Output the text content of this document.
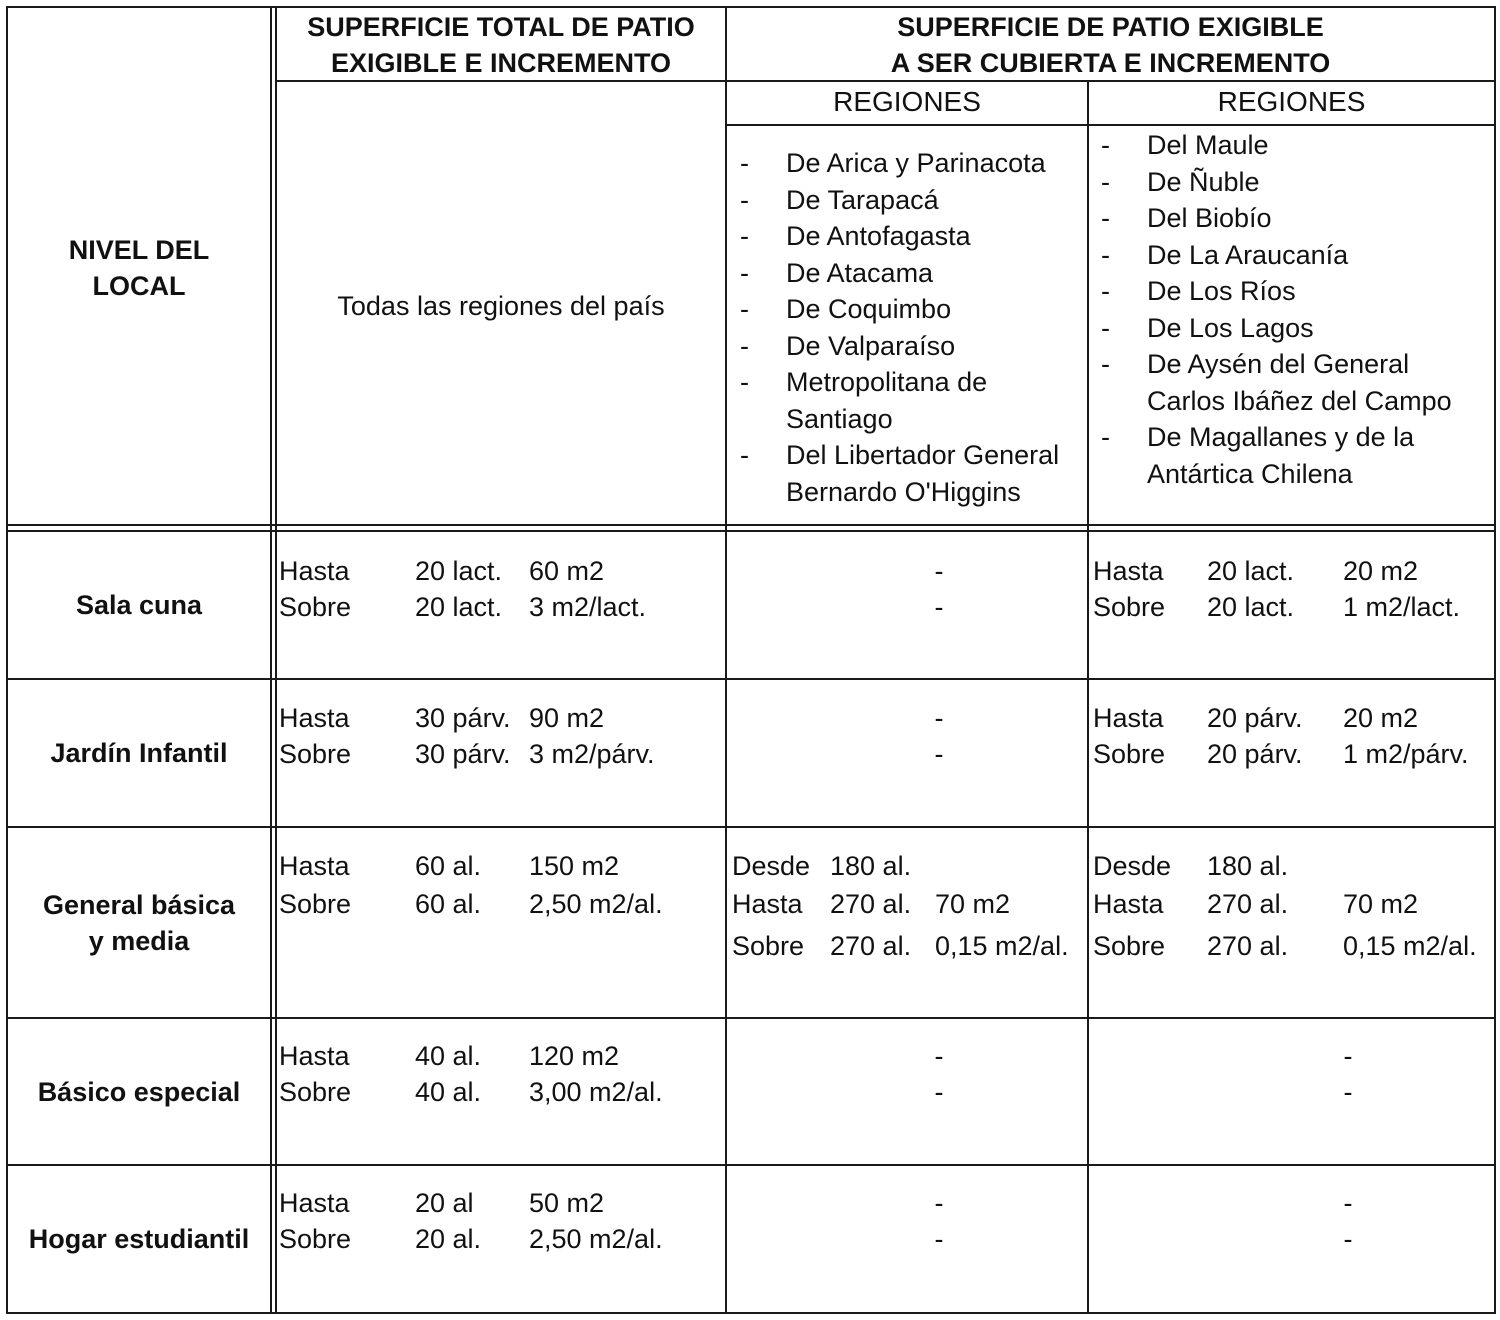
NIVEL DEL
LOCAL
SUPERFICIE TOTAL DE PATIO
EXIGIBLE E INCREMENTO
SUPERFICIE DE PATIO EXIGIBLE
A SER CUBIERTA E INCREMENTO
REGIONES	REGIONES
Todas las regiones del país
- De Arica y Parinacota
- De Tarapacá
- De Antofagasta
- De Atacama
- De Coquimbo
- De Valparaíso
- Metropolitana de
Santiago
- Del Libertador General
Bernardo O'Higgins
- Del Maule
- De Ñuble
- Del Biobío
- De La Araucanía
- De Los Ríos
- De Los Lagos
- De Aysén del General
Carlos Ibáñez del Campo
- De Magallanes y de la
Antártica Chilena
Sala cuna
Hasta 20 lact. 60 m2
Sobre 20 lact. 3 m2/lact.
-
-
Hasta 20 lact. 20 m2
Sobre 20 lact. 1 m2/lact.
Jardín Infantil
Hasta 30 párv. 90 m2
Sobre 30 párv. 3 m2/párv.
-
-
Hasta 20 párv. 20 m2
Sobre 20 párv. 1 m2/párv.
General básica
y media
Hasta 60 al. 150 m2
Sobre 60 al. 2,50 m2/al.
Desde 180 al.
Hasta 270 al. 70 m2
Sobre 270 al. 0,15 m2/al.
Desde 180 al.
Hasta 270 al. 70 m2
Sobre 270 al. 0,15 m2/al.
Básico especial
Hasta 40 al. 120 m2
Sobre 40 al. 3,00 m2/al.
-
-
-
-
Hogar estudiantil
Hasta 20 al 50 m2
Sobre 20 al. 2,50 m2/al.
-
-
-
-
